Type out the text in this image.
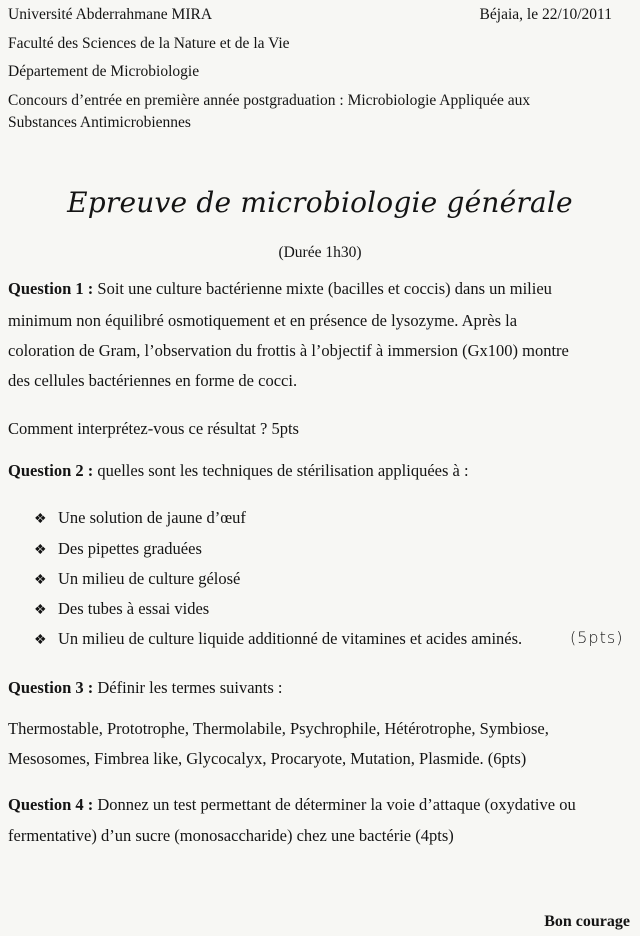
Université Abderrahmane MIRA	Béjaia, le 22/10/2011
Faculté des Sciences de la Nature et de la Vie
Département de Microbiologie
Concours d’entrée en première année postgraduation : Microbiologie Appliquée aux
Substances Antimicrobiennes
Epreuve de microbiologie générale
(Durée 1h30)
Question 1 : Soit une culture bactérienne mixte (bacilles et coccis) dans un milieu
minimum non équilibré osmotiquement et en présence de lysozyme. Après la
coloration de Gram, l’observation du frottis à l’objectif à immersion (Gx100) montre
des cellules bactériennes en forme de cocci.
Comment interprétez-vous ce résultat ? 5pts
Question 2 : quelles sont les techniques de stérilisation appliquées à :
❖ Une solution de jaune d’œuf
❖ Des pipettes graduées
❖ Un milieu de culture gélosé
❖ Des tubes à essai vides
❖ Un milieu de culture liquide additionné de vitamines et acides aminés.	(5pts)
Question 3 : Définir les termes suivants :
Thermostable, Prototrophe, Thermolabile, Psychrophile, Hétérotrophe, Symbiose,
Mesosomes, Fimbrea like, Glycocalyx, Procaryote, Mutation, Plasmide. (6pts)
Question 4 : Donnez un test permettant de déterminer la voie d’attaque (oxydative ou
fermentative) d’un sucre (monosaccharide) chez une bactérie (4pts)
Bon courage
